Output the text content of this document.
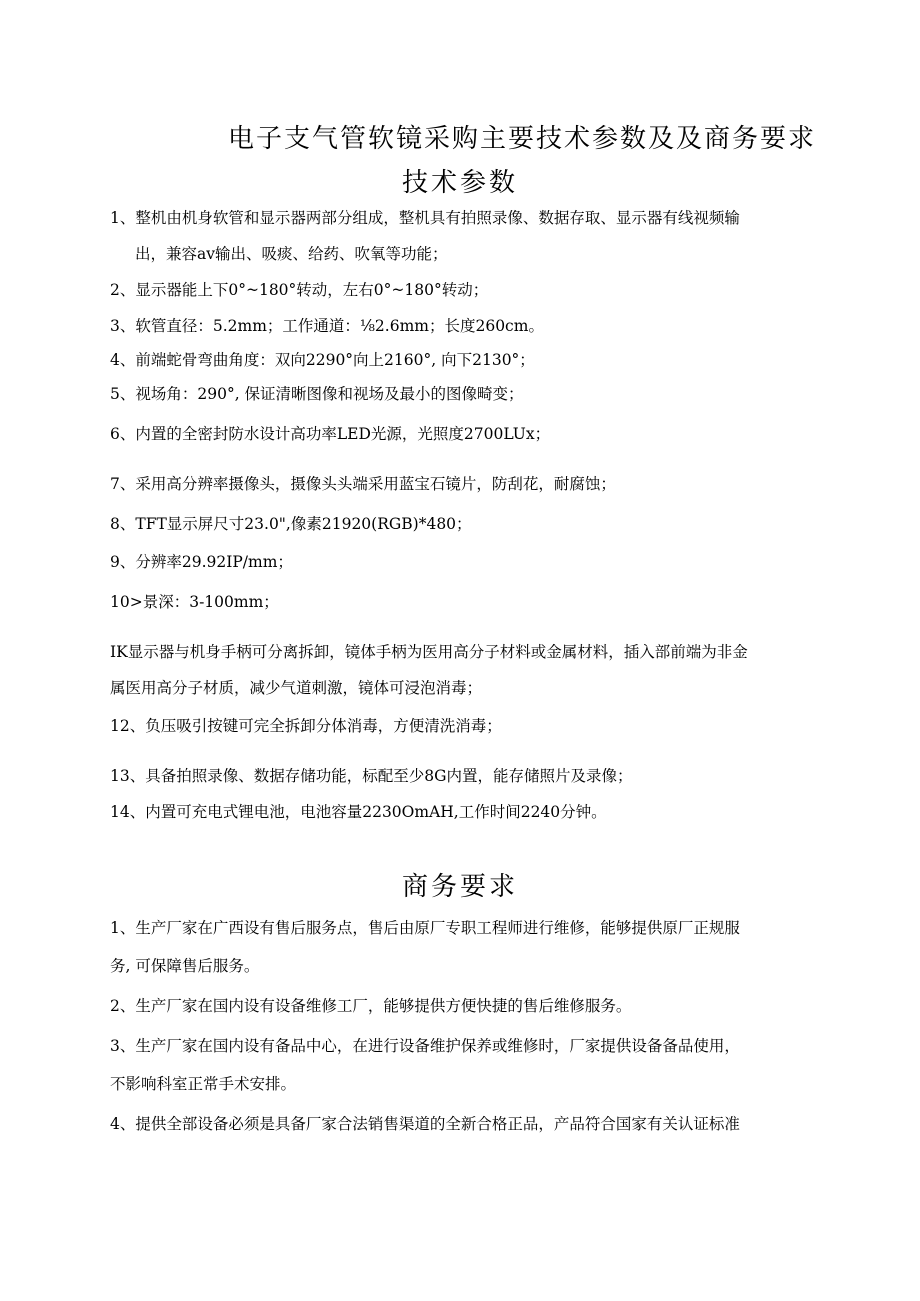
电子支气管软镜采购主要技术参数及及商务要求
技术参数
1、整机由机身软管和显示器两部分组成，整机具有拍照录像、数据存取、显示器有线视频输
出，兼容av输出、吸痰、给药、吹氧等功能；
2、显示器能上下0°~180°转动，左右0°~180°转动；
3、软管直径：5.2mm；工作通道：⅛2.6mm；长度260cm。
4、前端蛇骨弯曲角度：双向2290°向上2160°, 向下2130°；
5、视场角：290°, 保证清晰图像和视场及最小的图像畸变；
6、内置的全密封防水设计高功率LED光源，光照度2700LUx；
7、采用高分辨率摄像头，摄像头头端采用蓝宝石镜片，防刮花，耐腐蚀；
8、TFT显示屏尺寸23.0",像素21920(RGB)*480；
9、分辨率29.92IP/mm；
10>景深：3-100mm；
IK显示器与机身手柄可分离拆卸，镜体手柄为医用高分子材料或金属材料，插入部前端为非金
属医用高分子材质，减少气道刺激，镜体可浸泡消毒；
12、负压吸引按键可完全拆卸分体消毒，方便清洗消毒；
13、具备拍照录像、数据存储功能，标配至少8G内置，能存储照片及录像；
14、内置可充电式锂电池，电池容量2230OmAH,工作时间2240分钟。
商务要求
1、生产厂家在广西设有售后服务点，售后由原厂专职工程师进行维修，能够提供原厂正规服
务, 可保障售后服务。
2、生产厂家在国内设有设备维修工厂，能够提供方便快捷的售后维修服务。
3、生产厂家在国内设有备品中心，在进行设备维护保养或维修时，厂家提供设备备品使用，
不影响科室正常手术安排。
4、提供全部设备必须是具备厂家合法销售渠道的全新合格正品，产品符合国家有关认证标准
